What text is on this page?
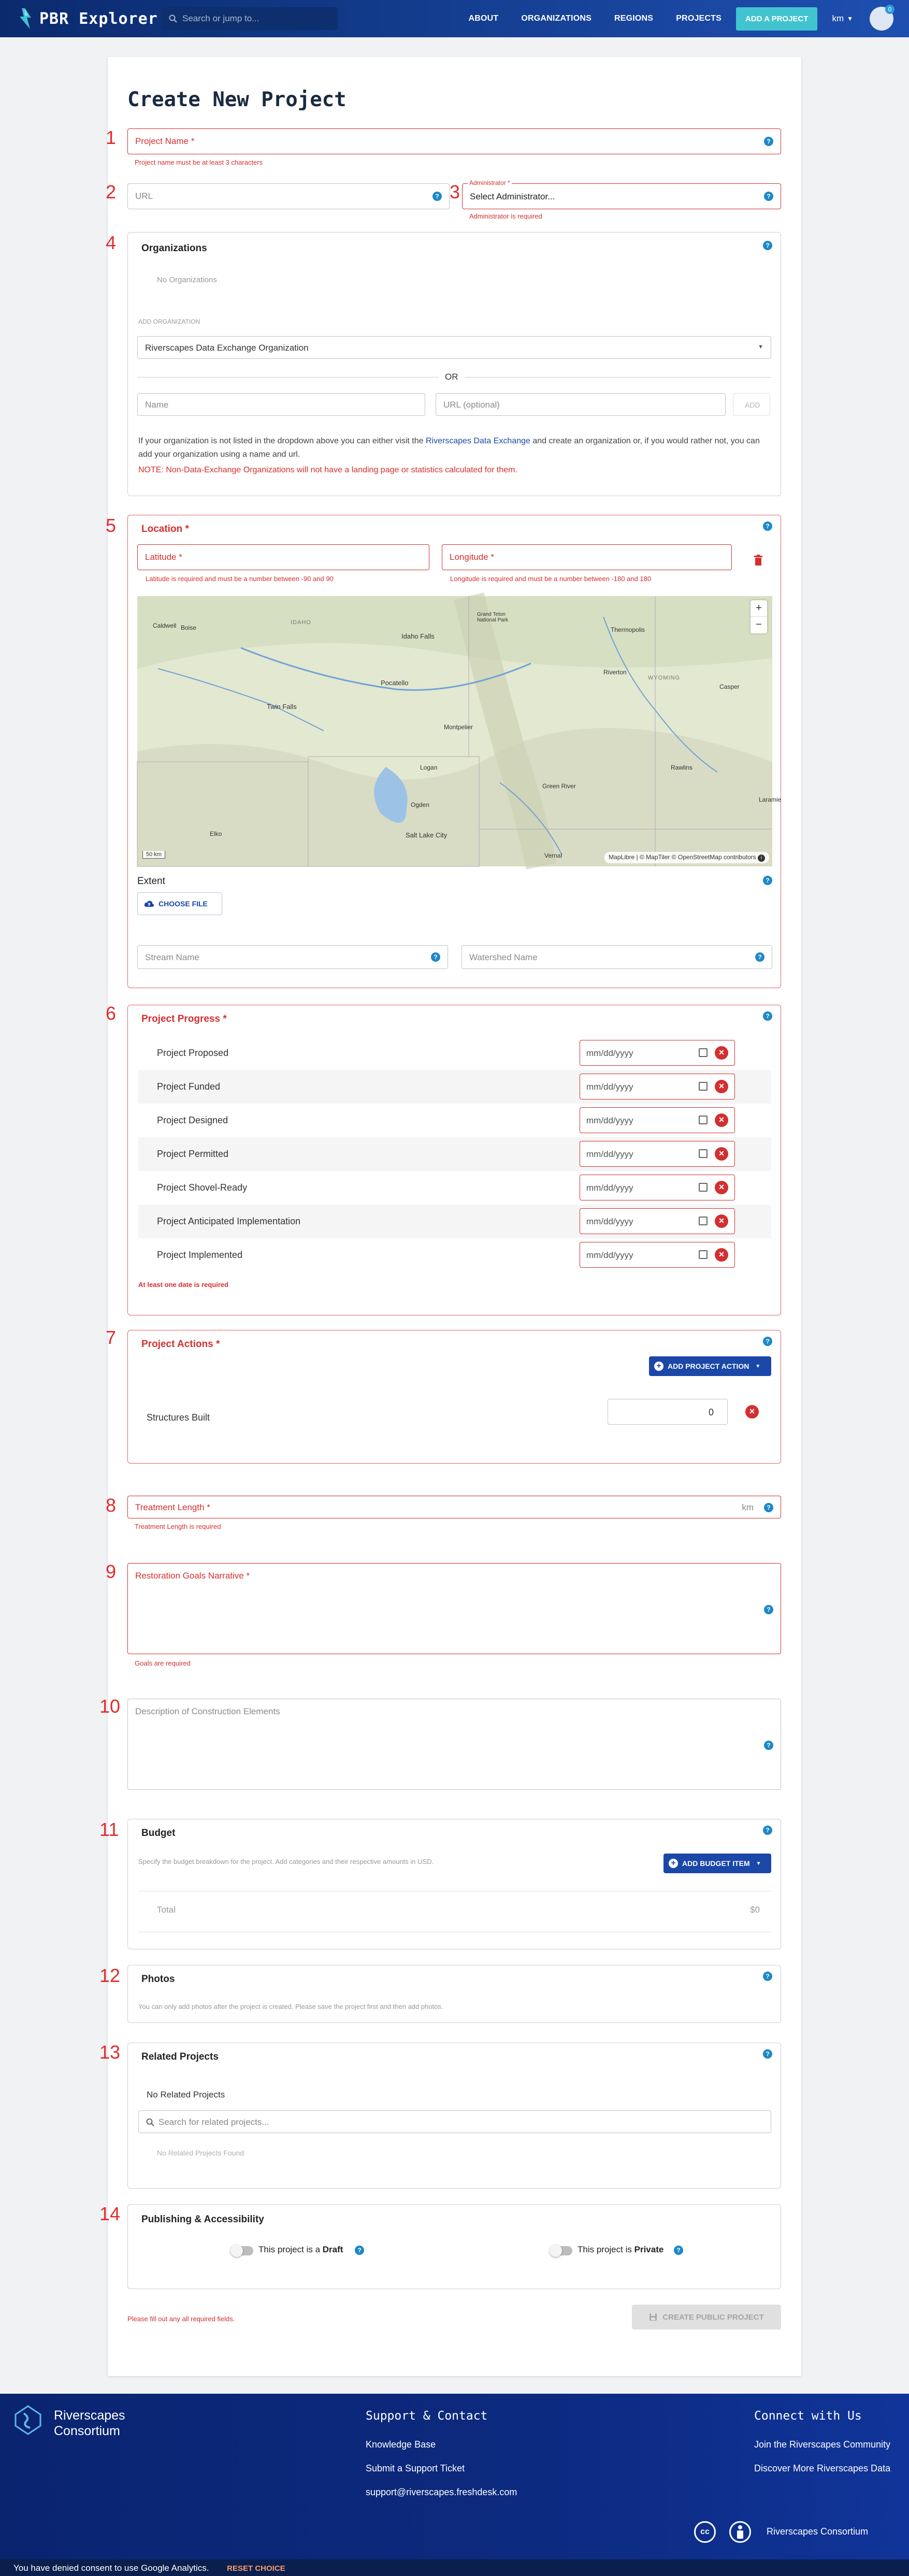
PBR Explorer	Search or jump to...	ABOUT	ORGANIZATIONS	REGIONS	PROJECTS	ADD A PROJECT	km ▼
0
Create New Project
1 Project Name *	?
Project name must be at least 3 characters
2 URL	? 3 Administrator *
Select Administrator...	?
Administrator is required
4	Organizations	?
No Organizations
ADD ORGANIZATION
Riverscapes Data Exchange Organization	▼
OR
Name	URL (optional)	ADD
If your organization is not listed in the dropdown above you can either visit the Riverscapes Data Exchange and create an organization or, if you would rather not, you can
add your organization using a name and url.
NOTE: Non-Data-Exchange Organizations will not have a landing page or statistics calculated for them.
5	Location *	?
Latitude *
Latitude is required and must be a number between -90 and 90
Longitude *
Longitude is required and must be a number between -180 and 180
Caldwell Boise
IDAHO
Idaho Falls
Grand Teton National Park
Thermopolis
Riverton
WYOMING
Casper
Pocatello
Twin Falls
Montpelier
Logan
Ogden
Salt Lake City
Green River
Rawlins
Laramie
Elko
Vernal
+
−
50 km	MapLibre | © MapTiler © OpenStreetMap contributors i
Extent	?
CHOOSE FILE
Stream Name	?	Watershed Name	?
6	Project Progress *	?
Project Proposed	mm/dd/yyyy	×
Project Funded	mm/dd/yyyy	×
Project Designed	mm/dd/yyyy	×
Project Permitted	mm/dd/yyyy	×
Project Shovel-Ready	mm/dd/yyyy	×
Project Anticipated Implementation	mm/dd/yyyy	×
Project Implemented	mm/dd/yyyy	×
At least one date is required
7	Project Actions *	?
+ ADD PROJECT ACTION ▼
Structures Built	0	×
8 Treatment Length *	km	?
Treatment Length is required
9 Restoration Goals Narrative *
?
Goals are required
10 Description of Construction Elements
?
11 Budget	?
Specify the budget breakdown for the project. Add categories and their respective amounts in USD.	+ ADD BUDGET ITEM ▼
Total	$0
12 Photos	?
You can only add photos after the project is created. Please save the project first and then add photos.
13 Related Projects	?
No Related Projects
Search for related projects...
No Related Projects Found
14 Publishing & Accessibility
This project is a Draft	?	This project is Private	?
Please fill out any all required fields.	CREATE PUBLIC PROJECT
Riverscapes
Consortium
Support & Contact
Knowledge Base
Submit a Support Ticket
support@riverscapes.freshdesk.com
Connect with Us
Join the Riverscapes Community
Discover More Riverscapes Data
cc	Riverscapes Consortium
You have denied consent to use Google Analytics. RESET CHOICE
